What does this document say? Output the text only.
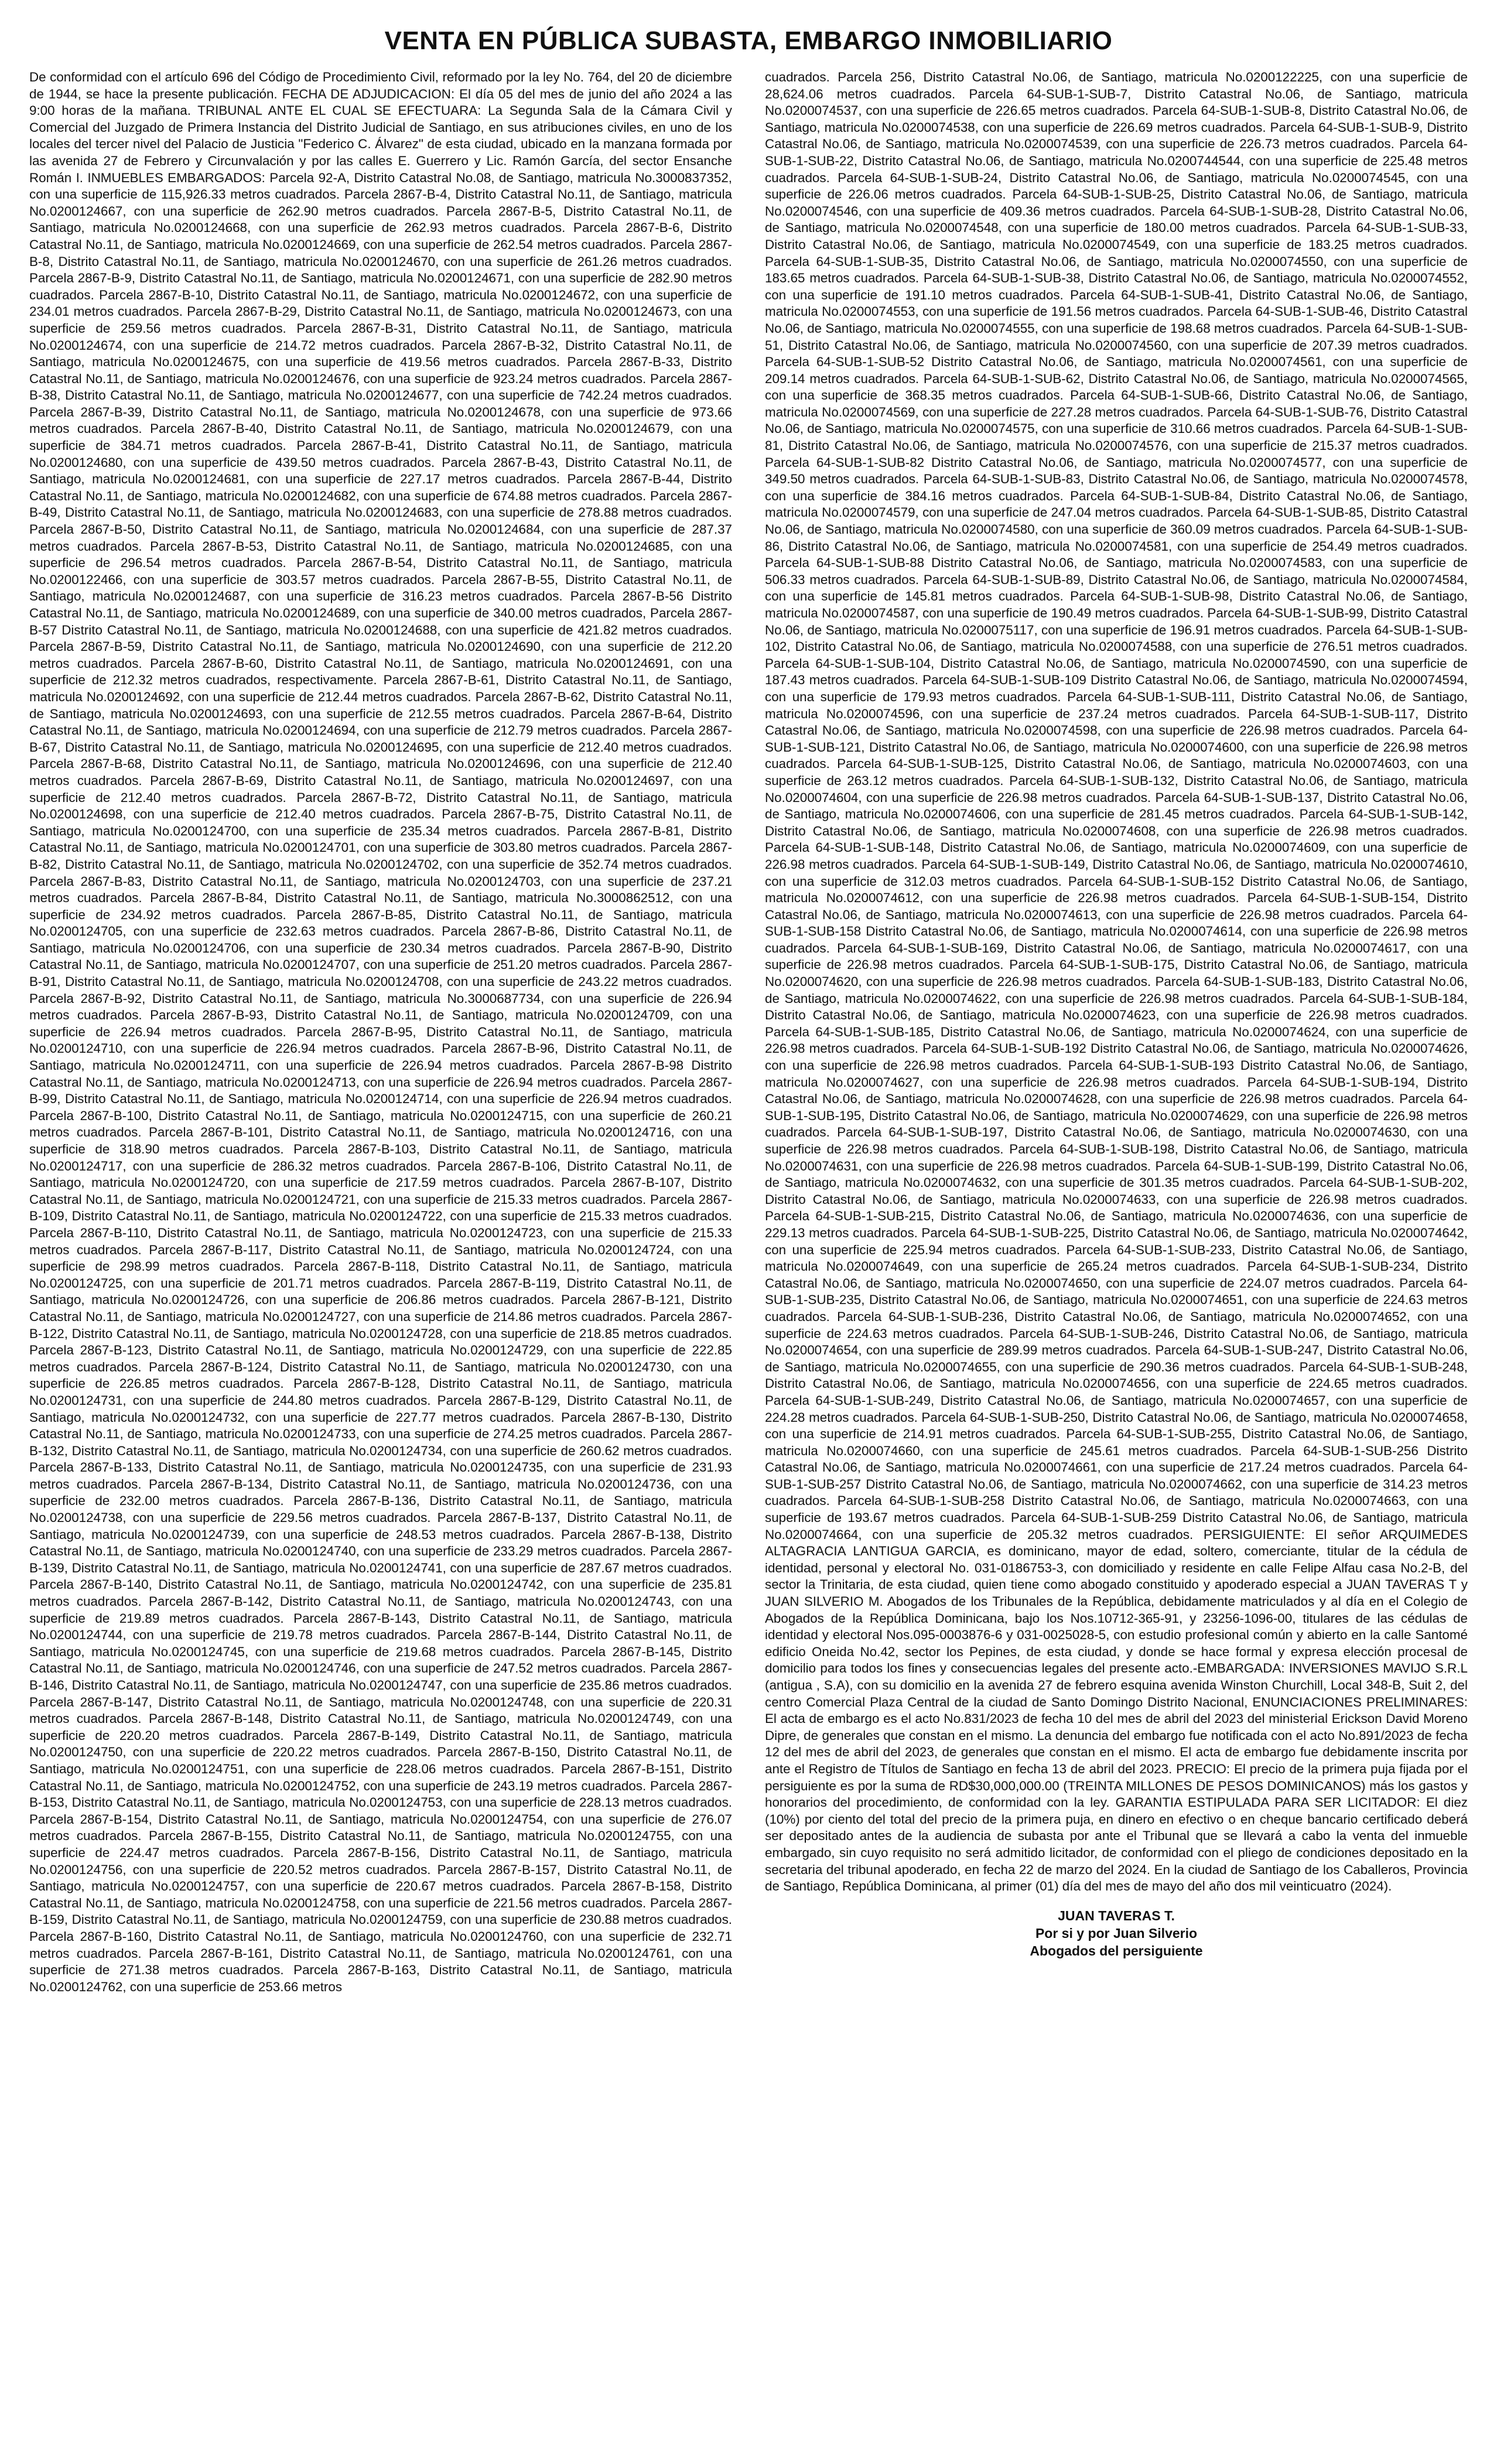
VENTA EN PÚBLICA SUBASTA, EMBARGO INMOBILIARIO

De conformidad con el artículo 696 del Código de Procedimiento Civil, reformado por la ley No. 764, del 20 de diciembre de 1944, se hace la presente publicación. FECHA DE ADJUDICACION: El día 05 del mes de junio del año 2024 a las 9:00 horas de la mañana. TRIBUNAL ANTE EL CUAL SE EFECTUARA: La Segunda Sala de la Cámara Civil y Comercial del Juzgado de Primera Instancia del Distrito Judicial de Santiago, en sus atribuciones civiles, en uno de los locales del tercer nivel del Palacio de Justicia "Federico C. Álvarez" de esta ciudad, ubicado en la manzana formada por las avenida 27 de Febrero y Circunvalación y por las calles E. Guerrero y Lic. Ramón García, del sector Ensanche Román I. INMUEBLES EMBARGADOS: Parcela 92-A, Distrito Catastral No.08, de Santiago, matricula No.3000837352, con una superficie de 115,926.33 metros cuadrados. Parcela 2867-B-4, Distrito Catastral No.11, de Santiago, matricula No.0200124667, con una superficie de 262.90 metros cuadrados. Parcela 2867-B-5, Distrito Catastral No.11, de Santiago, matricula No.0200124668, con una superficie de 262.93 metros cuadrados. Parcela 2867-B-6, Distrito Catastral No.11, de Santiago, matricula No.0200124669, con una superficie de 262.54 metros cuadrados. Parcela 2867-B-8, Distrito Catastral No.11, de Santiago, matricula No.0200124670, con una superficie de 261.26 metros cuadrados. Parcela 2867-B-9, Distrito Catastral No.11, de Santiago, matricula No.0200124671, con una superficie de 282.90 metros cuadrados. Parcela 2867-B-10, Distrito Catastral No.11, de Santiago, matricula No.0200124672, con una superficie de 234.01 metros cuadrados. Parcela 2867-B-29, Distrito Catastral No.11, de Santiago, matricula No.0200124673, con una superficie de 259.56 metros cuadrados. Parcela 2867-B-31, Distrito Catastral No.11, de Santiago, matricula No.0200124674, con una superficie de 214.72 metros cuadrados. Parcela 2867-B-32, Distrito Catastral No.11, de Santiago, matricula No.0200124675, con una superficie de 419.56 metros cuadrados. Parcela 2867-B-33, Distrito Catastral No.11, de Santiago, matricula No.0200124676, con una superficie de 923.24 metros cuadrados. Parcela 2867-B-38, Distrito Catastral No.11, de Santiago, matricula No.0200124677, con una superficie de 742.24 metros cuadrados. Parcela 2867-B-39, Distrito Catastral No.11, de Santiago, matricula No.0200124678, con una superficie de 973.66 metros cuadrados. Parcela 2867-B-40, Distrito Catastral No.11, de Santiago, matricula No.0200124679, con una superficie de 384.71 metros cuadrados. Parcela 2867-B-41, Distrito Catastral No.11, de Santiago, matricula No.0200124680, con una superficie de 439.50 metros cuadrados. Parcela 2867-B-43, Distrito Catastral No.11, de Santiago, matricula No.0200124681, con una superficie de 227.17 metros cuadrados. Parcela 2867-B-44, Distrito Catastral No.11, de Santiago, matricula No.0200124682, con una superficie de 674.88 metros cuadrados. Parcela 2867-B-49, Distrito Catastral No.11, de Santiago, matricula No.0200124683, con una superficie de 278.88 metros cuadrados. Parcela 2867-B-50, Distrito Catastral No.11, de Santiago, matricula No.0200124684, con una superficie de 287.37 metros cuadrados. Parcela 2867-B-53, Distrito Catastral No.11, de Santiago, matricula No.0200124685, con una superficie de 296.54 metros cuadrados. Parcela 2867-B-54, Distrito Catastral No.11, de Santiago, matricula No.0200122466, con una superficie de 303.57 metros cuadrados. Parcela 2867-B-55, Distrito Catastral No.11, de Santiago, matricula No.0200124687, con una superficie de 316.23 metros cuadrados. Parcela 2867-B-56 Distrito Catastral No.11, de Santiago, matricula No.0200124689, con una superficie de 340.00 metros cuadrados, Parcela 2867-B-57 Distrito Catastral No.11, de Santiago, matricula No.0200124688, con una superficie de 421.82 metros cuadrados. Parcela 2867-B-59, Distrito Catastral No.11, de Santiago, matricula No.0200124690, con una superficie de 212.20 metros cuadrados. Parcela 2867-B-60, Distrito Catastral No.11, de Santiago, matricula No.0200124691, con una superficie de 212.32 metros cuadrados, respectivamente. Parcela 2867-B-61, Distrito Catastral No.11, de Santiago, matricula No.0200124692, con una superficie de 212.44 metros cuadrados. Parcela 2867-B-62, Distrito Catastral No.11, de Santiago, matricula No.0200124693, con una superficie de 212.55 metros cuadrados. Parcela 2867-B-64, Distrito Catastral No.11, de Santiago, matricula No.0200124694, con una superficie de 212.79 metros cuadrados. Parcela 2867-B-67, Distrito Catastral No.11, de Santiago, matricula No.0200124695, con una superficie de 212.40 metros cuadrados. Parcela 2867-B-68, Distrito Catastral No.11, de Santiago, matricula No.0200124696, con una superficie de 212.40 metros cuadrados. Parcela 2867-B-69, Distrito Catastral No.11, de Santiago, matricula No.0200124697, con una superficie de 212.40 metros cuadrados. Parcela 2867-B-72, Distrito Catastral No.11, de Santiago, matricula No.0200124698, con una superficie de 212.40 metros cuadrados. Parcela 2867-B-75, Distrito Catastral No.11, de Santiago, matricula No.0200124700, con una superficie de 235.34 metros cuadrados. Parcela 2867-B-81, Distrito Catastral No.11, de Santiago, matricula No.0200124701, con una superficie de 303.80 metros cuadrados. Parcela 2867-B-82, Distrito Catastral No.11, de Santiago, matricula No.0200124702, con una superficie de 352.74 metros cuadrados. Parcela 2867-B-83, Distrito Catastral No.11, de Santiago, matricula No.0200124703, con una superficie de 237.21 metros cuadrados. Parcela 2867-B-84, Distrito Catastral No.11, de Santiago, matricula No.3000862512, con una superficie de 234.92 metros cuadrados. Parcela 2867-B-85, Distrito Catastral No.11, de Santiago, matricula No.0200124705, con una superficie de 232.63 metros cuadrados. Parcela 2867-B-86, Distrito Catastral No.11, de Santiago, matricula No.0200124706, con una superficie de 230.34 metros cuadrados. Parcela 2867-B-90, Distrito Catastral No.11, de Santiago, matricula No.0200124707, con una superficie de 251.20 metros cuadrados. Parcela 2867-B-91, Distrito Catastral No.11, de Santiago, matricula No.0200124708, con una superficie de 243.22 metros cuadrados. Parcela 2867-B-92, Distrito Catastral No.11, de Santiago, matricula No.3000687734, con una superficie de 226.94 metros cuadrados. Parcela 2867-B-93, Distrito Catastral No.11, de Santiago, matricula No.0200124709, con una superficie de 226.94 metros cuadrados. Parcela 2867-B-95, Distrito Catastral No.11, de Santiago, matricula No.0200124710, con una superficie de 226.94 metros cuadrados. Parcela 2867-B-96, Distrito Catastral No.11, de Santiago, matricula No.0200124711, con una superficie de 226.94 metros cuadrados. Parcela 2867-B-98 Distrito Catastral No.11, de Santiago, matricula No.0200124713, con una superficie de 226.94 metros cuadrados. Parcela 2867-B-99, Distrito Catastral No.11, de Santiago, matricula No.0200124714, con una superficie de 226.94 metros cuadrados. Parcela 2867-B-100, Distrito Catastral No.11, de Santiago, matricula No.0200124715, con una superficie de 260.21 metros cuadrados. Parcela 2867-B-101, Distrito Catastral No.11, de Santiago, matricula No.0200124716, con una superficie de 318.90 metros cuadrados. Parcela 2867-B-103, Distrito Catastral No.11, de Santiago, matricula No.0200124717, con una superficie de 286.32 metros cuadrados. Parcela 2867-B-106, Distrito Catastral No.11, de Santiago, matricula No.0200124720, con una superficie de 217.59 metros cuadrados. Parcela 2867-B-107, Distrito Catastral No.11, de Santiago, matricula No.0200124721, con una superficie de 215.33 metros cuadrados. Parcela 2867-B-109, Distrito Catastral No.11, de Santiago, matricula No.0200124722, con una superficie de 215.33 metros cuadrados. Parcela 2867-B-110, Distrito Catastral No.11, de Santiago, matricula No.0200124723, con una superficie de 215.33 metros cuadrados. Parcela 2867-B-117, Distrito Catastral No.11, de Santiago, matricula No.0200124724, con una superficie de 298.99 metros cuadrados. Parcela 2867-B-118, Distrito Catastral No.11, de Santiago, matricula No.0200124725, con una superficie de 201.71 metros cuadrados. Parcela 2867-B-119, Distrito Catastral No.11, de Santiago, matricula No.0200124726, con una superficie de 206.86 metros cuadrados. Parcela 2867-B-121, Distrito Catastral No.11, de Santiago, matricula No.0200124727, con una superficie de 214.86 metros cuadrados. Parcela 2867-B-122, Distrito Catastral No.11, de Santiago, matricula No.0200124728, con una superficie de 218.85 metros cuadrados. Parcela 2867-B-123, Distrito Catastral No.11, de Santiago, matricula No.0200124729, con una superficie de 222.85 metros cuadrados. Parcela 2867-B-124, Distrito Catastral No.11, de Santiago, matricula No.0200124730, con una superficie de 226.85 metros cuadrados. Parcela 2867-B-128, Distrito Catastral No.11, de Santiago, matricula No.0200124731, con una superficie de 244.80 metros cuadrados. Parcela 2867-B-129, Distrito Catastral No.11, de Santiago, matricula No.0200124732, con una superficie de 227.77 metros cuadrados. Parcela 2867-B-130, Distrito Catastral No.11, de Santiago, matricula No.0200124733, con una superficie de 274.25 metros cuadrados. Parcela 2867-B-132, Distrito Catastral No.11, de Santiago, matricula No.0200124734, con una superficie de 260.62 metros cuadrados. Parcela 2867-B-133, Distrito Catastral No.11, de Santiago, matricula No.0200124735, con una superficie de 231.93 metros cuadrados. Parcela 2867-B-134, Distrito Catastral No.11, de Santiago, matricula No.0200124736, con una superficie de 232.00 metros cuadrados. Parcela 2867-B-136, Distrito Catastral No.11, de Santiago, matricula No.0200124738, con una superficie de 229.56 metros cuadrados. Parcela 2867-B-137, Distrito Catastral No.11, de Santiago, matricula No.0200124739, con una superficie de 248.53 metros cuadrados. Parcela 2867-B-138, Distrito Catastral No.11, de Santiago, matricula No.0200124740, con una superficie de 233.29 metros cuadrados. Parcela 2867-B-139, Distrito Catastral No.11, de Santiago, matricula No.0200124741, con una superficie de 287.67 metros cuadrados. Parcela 2867-B-140, Distrito Catastral No.11, de Santiago, matricula No.0200124742, con una superficie de 235.81 metros cuadrados. Parcela 2867-B-142, Distrito Catastral No.11, de Santiago, matricula No.0200124743, con una superficie de 219.89 metros cuadrados. Parcela 2867-B-143, Distrito Catastral No.11, de Santiago, matricula No.0200124744, con una superficie de 219.78 metros cuadrados. Parcela 2867-B-144, Distrito Catastral No.11, de Santiago, matricula No.0200124745, con una superficie de 219.68 metros cuadrados. Parcela 2867-B-145, Distrito Catastral No.11, de Santiago, matricula No.0200124746, con una superficie de 247.52 metros cuadrados. Parcela 2867-B-146, Distrito Catastral No.11, de Santiago, matricula No.0200124747, con una superficie de 235.86 metros cuadrados. Parcela 2867-B-147, Distrito Catastral No.11, de Santiago, matricula No.0200124748, con una superficie de 220.31 metros cuadrados. Parcela 2867-B-148, Distrito Catastral No.11, de Santiago, matricula No.0200124749, con una superficie de 220.20 metros cuadrados. Parcela 2867-B-149, Distrito Catastral No.11, de Santiago, matricula No.0200124750, con una superficie de 220.22 metros cuadrados. Parcela 2867-B-150, Distrito Catastral No.11, de Santiago, matricula No.0200124751, con una superficie de 228.06 metros cuadrados. Parcela 2867-B-151, Distrito Catastral No.11, de Santiago, matricula No.0200124752, con una superficie de 243.19 metros cuadrados. Parcela 2867-B-153, Distrito Catastral No.11, de Santiago, matricula No.0200124753, con una superficie de 228.13 metros cuadrados. Parcela 2867-B-154, Distrito Catastral No.11, de Santiago, matricula No.0200124754, con una superficie de 276.07 metros cuadrados. Parcela 2867-B-155, Distrito Catastral No.11, de Santiago, matricula No.0200124755, con una superficie de 224.47 metros cuadrados. Parcela 2867-B-156, Distrito Catastral No.11, de Santiago, matricula No.0200124756, con una superficie de 220.52 metros cuadrados. Parcela 2867-B-157, Distrito Catastral No.11, de Santiago, matricula No.0200124757, con una superficie de 220.67 metros cuadrados. Parcela 2867-B-158, Distrito Catastral No.11, de Santiago, matricula No.0200124758, con una superficie de 221.56 metros cuadrados. Parcela 2867-B-159, Distrito Catastral No.11, de Santiago, matricula No.0200124759, con una superficie de 230.88 metros cuadrados. Parcela 2867-B-160, Distrito Catastral No.11, de Santiago, matricula No.0200124760, con una superficie de 232.71 metros cuadrados. Parcela 2867-B-161, Distrito Catastral No.11, de Santiago, matricula No.0200124761, con una superficie de 271.38 metros cuadrados. Parcela 2867-B-163, Distrito Catastral No.11, de Santiago, matricula No.0200124762, con una superficie de 253.66 metros

cuadrados. Parcela 256, Distrito Catastral No.06, de Santiago, matricula No.0200122225, con una superficie de 28,624.06 metros cuadrados. Parcela 64-SUB-1-SUB-7, Distrito Catastral No.06, de Santiago, matricula No.0200074537, con una superficie de 226.65 metros cuadrados. Parcela 64-SUB-1-SUB-8, Distrito Catastral No.06, de Santiago, matricula No.0200074538, con una superficie de 226.69 metros cuadrados. Parcela 64-SUB-1-SUB-9, Distrito Catastral No.06, de Santiago, matricula No.0200074539, con una superficie de 226.73 metros cuadrados. Parcela 64-SUB-1-SUB-22, Distrito Catastral No.06, de Santiago, matricula No.0200744544, con una superficie de 225.48 metros cuadrados. Parcela 64-SUB-1-SUB-24, Distrito Catastral No.06, de Santiago, matricula No.0200074545, con una superficie de 226.06 metros cuadrados. Parcela 64-SUB-1-SUB-25, Distrito Catastral No.06, de Santiago, matricula No.0200074546, con una superficie de 409.36 metros cuadrados. Parcela 64-SUB-1-SUB-28, Distrito Catastral No.06, de Santiago, matricula No.0200074548, con una superficie de 180.00 metros cuadrados. Parcela 64-SUB-1-SUB-33, Distrito Catastral No.06, de Santiago, matricula No.0200074549, con una superficie de 183.25 metros cuadrados. Parcela 64-SUB-1-SUB-35, Distrito Catastral No.06, de Santiago, matricula No.0200074550, con una superficie de 183.65 metros cuadrados. Parcela 64-SUB-1-SUB-38, Distrito Catastral No.06, de Santiago, matricula No.0200074552, con una superficie de 191.10 metros cuadrados. Parcela 64-SUB-1-SUB-41, Distrito Catastral No.06, de Santiago, matricula No.0200074553, con una superficie de 191.56 metros cuadrados. Parcela 64-SUB-1-SUB-46, Distrito Catastral No.06, de Santiago, matricula No.0200074555, con una superficie de 198.68 metros cuadrados. Parcela 64-SUB-1-SUB-51, Distrito Catastral No.06, de Santiago, matricula No.0200074560, con una superficie de 207.39 metros cuadrados. Parcela 64-SUB-1-SUB-52 Distrito Catastral No.06, de Santiago, matricula No.0200074561, con una superficie de 209.14 metros cuadrados. Parcela 64-SUB-1-SUB-62, Distrito Catastral No.06, de Santiago, matricula No.0200074565, con una superficie de 368.35 metros cuadrados. Parcela 64-SUB-1-SUB-66, Distrito Catastral No.06, de Santiago, matricula No.0200074569, con una superficie de 227.28 metros cuadrados. Parcela 64-SUB-1-SUB-76, Distrito Catastral No.06, de Santiago, matricula No.0200074575, con una superficie de 310.66 metros cuadrados. Parcela 64-SUB-1-SUB-81, Distrito Catastral No.06, de Santiago, matricula No.0200074576, con una superficie de 215.37 metros cuadrados. Parcela 64-SUB-1-SUB-82 Distrito Catastral No.06, de Santiago, matricula No.0200074577, con una superficie de 349.50 metros cuadrados. Parcela 64-SUB-1-SUB-83, Distrito Catastral No.06, de Santiago, matricula No.0200074578, con una superficie de 384.16 metros cuadrados. Parcela 64-SUB-1-SUB-84, Distrito Catastral No.06, de Santiago, matricula No.0200074579, con una superficie de 247.04 metros cuadrados. Parcela 64-SUB-1-SUB-85, Distrito Catastral No.06, de Santiago, matricula No.0200074580, con una superficie de 360.09 metros cuadrados. Parcela 64-SUB-1-SUB-86, Distrito Catastral No.06, de Santiago, matricula No.0200074581, con una superficie de 254.49 metros cuadrados. Parcela 64-SUB-1-SUB-88 Distrito Catastral No.06, de Santiago, matricula No.0200074583, con una superficie de 506.33 metros cuadrados. Parcela 64-SUB-1-SUB-89, Distrito Catastral No.06, de Santiago, matricula No.0200074584, con una superficie de 145.81 metros cuadrados. Parcela 64-SUB-1-SUB-98, Distrito Catastral No.06, de Santiago, matricula No.0200074587, con una superficie de 190.49 metros cuadrados. Parcela 64-SUB-1-SUB-99, Distrito Catastral No.06, de Santiago, matricula No.0200075117, con una superficie de 196.91 metros cuadrados. Parcela 64-SUB-1-SUB-102, Distrito Catastral No.06, de Santiago, matricula No.0200074588, con una superficie de 276.51 metros cuadrados. Parcela 64-SUB-1-SUB-104, Distrito Catastral No.06, de Santiago, matricula No.0200074590, con una superficie de 187.43 metros cuadrados. Parcela 64-SUB-1-SUB-109 Distrito Catastral No.06, de Santiago, matricula No.0200074594, con una superficie de 179.93 metros cuadrados. Parcela 64-SUB-1-SUB-111, Distrito Catastral No.06, de Santiago, matricula No.0200074596, con una superficie de 237.24 metros cuadrados. Parcela 64-SUB-1-SUB-117, Distrito Catastral No.06, de Santiago, matricula No.0200074598, con una superficie de 226.98 metros cuadrados. Parcela 64-SUB-1-SUB-121, Distrito Catastral No.06, de Santiago, matricula No.0200074600, con una superficie de 226.98 metros cuadrados. Parcela 64-SUB-1-SUB-125, Distrito Catastral No.06, de Santiago, matricula No.0200074603, con una superficie de 263.12 metros cuadrados. Parcela 64-SUB-1-SUB-132, Distrito Catastral No.06, de Santiago, matricula No.0200074604, con una superficie de 226.98 metros cuadrados. Parcela 64-SUB-1-SUB-137, Distrito Catastral No.06, de Santiago, matricula No.0200074606, con una superficie de 281.45 metros cuadrados. Parcela 64-SUB-1-SUB-142, Distrito Catastral No.06, de Santiago, matricula No.0200074608, con una superficie de 226.98 metros cuadrados. Parcela 64-SUB-1-SUB-148, Distrito Catastral No.06, de Santiago, matricula No.0200074609, con una superficie de 226.98 metros cuadrados. Parcela 64-SUB-1-SUB-149, Distrito Catastral No.06, de Santiago, matricula No.0200074610, con una superficie de 312.03 metros cuadrados. Parcela 64-SUB-1-SUB-152 Distrito Catastral No.06, de Santiago, matricula No.0200074612, con una superficie de 226.98 metros cuadrados. Parcela 64-SUB-1-SUB-154, Distrito Catastral No.06, de Santiago, matricula No.0200074613, con una superficie de 226.98 metros cuadrados. Parcela 64-SUB-1-SUB-158 Distrito Catastral No.06, de Santiago, matricula No.0200074614, con una superficie de 226.98 metros cuadrados. Parcela 64-SUB-1-SUB-169, Distrito Catastral No.06, de Santiago, matricula No.0200074617, con una superficie de 226.98 metros cuadrados. Parcela 64-SUB-1-SUB-175, Distrito Catastral No.06, de Santiago, matricula No.0200074620, con una superficie de 226.98 metros cuadrados. Parcela 64-SUB-1-SUB-183, Distrito Catastral No.06, de Santiago, matricula No.0200074622, con una superficie de 226.98 metros cuadrados. Parcela 64-SUB-1-SUB-184, Distrito Catastral No.06, de Santiago, matricula No.0200074623, con una superficie de 226.98 metros cuadrados. Parcela 64-SUB-1-SUB-185, Distrito Catastral No.06, de Santiago, matricula No.0200074624, con una superficie de 226.98 metros cuadrados. Parcela 64-SUB-1-SUB-192 Distrito Catastral No.06, de Santiago, matricula No.0200074626, con una superficie de 226.98 metros cuadrados. Parcela 64-SUB-1-SUB-193 Distrito Catastral No.06, de Santiago, matricula No.0200074627, con una superficie de 226.98 metros cuadrados. Parcela 64-SUB-1-SUB-194, Distrito Catastral No.06, de Santiago, matricula No.0200074628, con una superficie de 226.98 metros cuadrados. Parcela 64-SUB-1-SUB-195, Distrito Catastral No.06, de Santiago, matricula No.0200074629, con una superficie de 226.98 metros cuadrados. Parcela 64-SUB-1-SUB-197, Distrito Catastral No.06, de Santiago, matricula No.0200074630, con una superficie de 226.98 metros cuadrados. Parcela 64-SUB-1-SUB-198, Distrito Catastral No.06, de Santiago, matricula No.0200074631, con una superficie de 226.98 metros cuadrados. Parcela 64-SUB-1-SUB-199, Distrito Catastral No.06, de Santiago, matricula No.0200074632, con una superficie de 301.35 metros cuadrados. Parcela 64-SUB-1-SUB-202, Distrito Catastral No.06, de Santiago, matricula No.0200074633, con una superficie de 226.98 metros cuadrados. Parcela 64-SUB-1-SUB-215, Distrito Catastral No.06, de Santiago, matricula No.0200074636, con una superficie de 229.13 metros cuadrados. Parcela 64-SUB-1-SUB-225, Distrito Catastral No.06, de Santiago, matricula No.0200074642, con una superficie de 225.94 metros cuadrados. Parcela 64-SUB-1-SUB-233, Distrito Catastral No.06, de Santiago, matricula No.0200074649, con una superficie de 265.24 metros cuadrados. Parcela 64-SUB-1-SUB-234, Distrito Catastral No.06, de Santiago, matricula No.0200074650, con una superficie de 224.07 metros cuadrados. Parcela 64-SUB-1-SUB-235, Distrito Catastral No.06, de Santiago, matricula No.0200074651, con una superficie de 224.63 metros cuadrados. Parcela 64-SUB-1-SUB-236, Distrito Catastral No.06, de Santiago, matricula No.0200074652, con una superficie de 224.63 metros cuadrados. Parcela 64-SUB-1-SUB-246, Distrito Catastral No.06, de Santiago, matricula No.0200074654, con una superficie de 289.99 metros cuadrados. Parcela 64-SUB-1-SUB-247, Distrito Catastral No.06, de Santiago, matricula No.0200074655, con una superficie de 290.36 metros cuadrados. Parcela 64-SUB-1-SUB-248, Distrito Catastral No.06, de Santiago, matricula No.0200074656, con una superficie de 224.65 metros cuadrados. Parcela 64-SUB-1-SUB-249, Distrito Catastral No.06, de Santiago, matricula No.0200074657, con una superficie de 224.28 metros cuadrados. Parcela 64-SUB-1-SUB-250, Distrito Catastral No.06, de Santiago, matricula No.0200074658, con una superficie de 214.91 metros cuadrados. Parcela 64-SUB-1-SUB-255, Distrito Catastral No.06, de Santiago, matricula No.0200074660, con una superficie de 245.61 metros cuadrados. Parcela 64-SUB-1-SUB-256 Distrito Catastral No.06, de Santiago, matricula No.0200074661, con una superficie de 217.24 metros cuadrados. Parcela 64-SUB-1-SUB-257 Distrito Catastral No.06, de Santiago, matricula No.0200074662, con una superficie de 314.23 metros cuadrados. Parcela 64-SUB-1-SUB-258 Distrito Catastral No.06, de Santiago, matricula No.0200074663, con una superficie de 193.67 metros cuadrados. Parcela 64-SUB-1-SUB-259 Distrito Catastral No.06, de Santiago, matricula No.0200074664, con una superficie de 205.32 metros cuadrados. PERSIGUIENTE: El señor ARQUIMEDES ALTAGRACIA LANTIGUA GARCIA, es dominicano, mayor de edad, soltero, comerciante, titular de la cédula de identidad, personal y electoral No. 031-0186753-3, con domiciliado y residente en calle Felipe Alfau casa No.2-B, del sector la Trinitaria, de esta ciudad, quien tiene como abogado constituido y apoderado especial a JUAN TAVERAS T y JUAN SILVERIO M. Abogados de los Tribunales de la República, debidamente matriculados y al día en el Colegio de Abogados de la República Dominicana, bajo los Nos.10712-365-91, y 23256-1096-00, titulares de las cédulas de identidad y electoral Nos.095-0003876-6 y 031-0025028-5, con estudio profesional común y abierto en la calle Santomé edificio Oneida No.42, sector los Pepines, de esta ciudad, y donde se hace formal y expresa elección procesal de domicilio para todos los fines y consecuencias legales del presente acto.-EMBARGADA: INVERSIONES MAVIJO S.R.L (antigua , S.A), con su domicilio en la avenida 27 de febrero esquina avenida Winston Churchill, Local 348-B, Suit 2, del centro Comercial Plaza Central de la ciudad de Santo Domingo Distrito Nacional, ENUNCIACIONES PRELIMINARES: El acta de embargo es el acto No.831/2023 de fecha 10 del mes de abril del 2023 del ministerial Erickson David Moreno Dipre, de generales que constan en el mismo. La denuncia del embargo fue notificada con el acto No.891/2023 de fecha 12 del mes de abril del 2023, de generales que constan en el mismo. El acta de embargo fue debidamente inscrita por ante el Registro de Títulos de Santiago en fecha 13 de abril del 2023. PRECIO: El precio de la primera puja fijada por el persiguiente es por la suma de RD$30,000,000.00 (TREINTA MILLONES DE PESOS DOMINICANOS) más los gastos y honorarios del procedimiento, de conformidad con la ley. GARANTIA ESTIPULADA PARA SER LICITADOR: El diez (10%) por ciento del total del precio de la primera puja, en dinero en efectivo o en cheque bancario certificado deberá ser depositado antes de la audiencia de subasta por ante el Tribunal que se llevará a cabo la venta del inmueble embargado, sin cuyo requisito no será admitido licitador, de conformidad con el pliego de condiciones depositado en la secretaria del tribunal apoderado, en fecha 22 de marzo del 2024. En la ciudad de Santiago de los Caballeros, Provincia de Santiago, República Dominicana, al primer (01) día del mes de mayo del año dos mil veinticuatro (2024).

JUAN TAVERAS T.
Por si y por Juan Silverio
Abogados del persiguiente
